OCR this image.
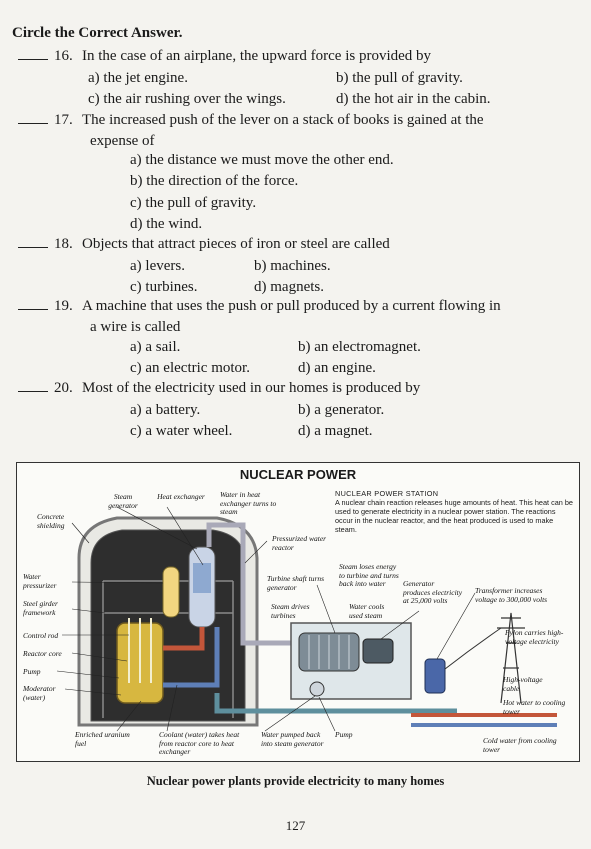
Circle the Correct Answer.
16. In the case of an airplane, the upward force is provided by
a) the jet engine.	b) the pull of gravity.
c) the air rushing over the wings.	d) the hot air in the cabin.
17. The increased push of the lever on a stack of books is gained at the
expense of
a) the distance we must move the other end.
b) the direction of the force.
c) the pull of gravity.
d) the wind.
18. Objects that attract pieces of iron or steel are called
a) levers.	b) machines.
c) turbines.	d) magnets.
19. A machine that uses the push or pull produced by a current flowing in
a wire is called
a) a sail.	b) an electromagnet.
c) an electric motor.	d) an engine.
20. Most of the electricity used in our homes is produced by
a) a battery.	b) a generator.
c) a water wheel.	d) a magnet.
NUCLEAR POWER
NUCLEAR POWER STATION
A nuclear chain reaction releases huge amounts of heat. This heat can be used to generate electricity in a nuclear power station. The reactions occur in the nuclear reactor, and the heat produced is used to make steam.
Steam generator
Heat exchanger Water in heat exchanger turns to steam
Concrete shielding
Pressurized water reactor
Water pressurizer
Steel girder framework
Control rod
Reactor core
Pump
Moderator (water)
Enriched uranium fuel
Coolant (water) takes heat from reactor core to heat exchanger
Water pumped back into steam generator
Pump
Turbine shaft turns generator
Steam loses energy to turbine and turns back into water
Steam drives turbines
Water cools used steam
Generator produces electricity at 25,000 volts
Transformer increases voltage to 300,000 volts
Pylon carries high-voltage electricity
High-voltage cable
Hot water to cooling tower
Cold water from cooling tower
Nuclear power plants provide electricity to many homes
127
